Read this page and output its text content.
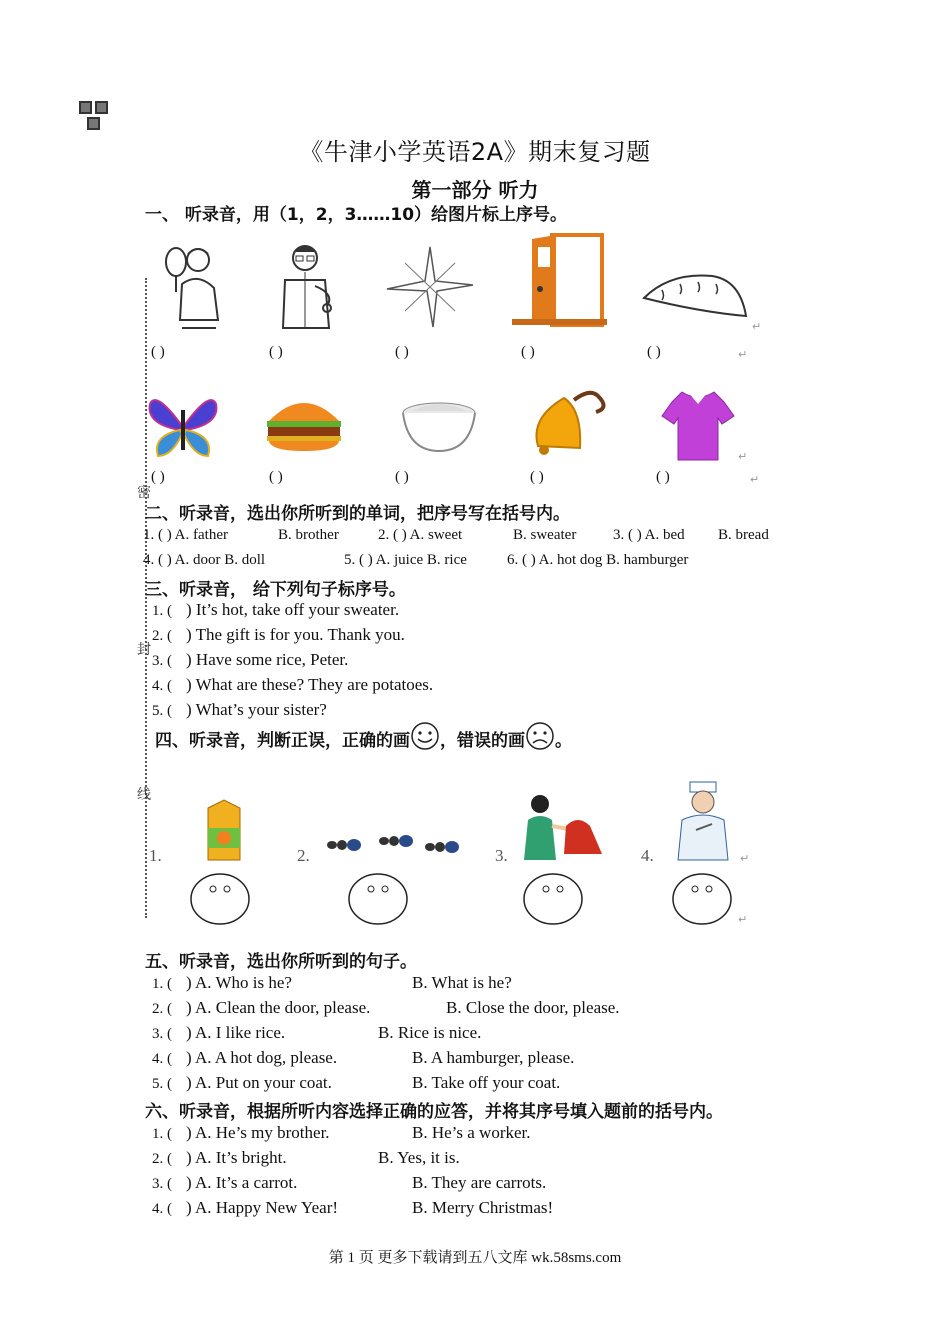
《牛津小学英语2A》期末复习题
第一部分 听力
密
封
线
一、 听录音，用（1，2，3……10）给图片标上序号。
↵
( )	( )	( )	( )	( )	↵
↵
( )	( )	( )	( )	( )	↵
二、听录音，选出你所听到的单词，把序号写在括号内。
1. ( ) A. father	B. brother	2. ( ) A. sweet	B. sweater 3. ( ) A. bed B. bread
4. ( ) A. door B. doll	5. ( ) A. juice B. rice	6. ( ) A. hot dog B. hamburger
三、听录音， 给下列句子标序号。
1. ( ) It’s hot, take off your sweater.
2. ( ) The gift is for you. Thank you.
3. ( ) Have some rice, Peter.
4. ( ) What are these? They are potatoes.
5. ( ) What’s your sister?
四、听录音，判断正误，正确的画 ，错误的画 。
1.	2.	3.	4.	↵
↵
五、听录音，选出你所听到的句子。
1. ( ) A. Who is he?	B. What is he?
2. ( ) A. Clean the door, please.	B. Close the door, please.
3. ( ) A. I like rice.	B. Rice is nice.
4. ( ) A. A hot dog, please.	B. A hamburger, please.
5. ( ) A. Put on your coat.	B. Take off your coat.
六、听录音，根据所听内容选择正确的应答，并将其序号填入题前的括号内。
1. ( ) A. He’s my brother.	B. He’s a worker.
2. ( ) A. It’s bright.	B. Yes, it is.
3. ( ) A. It’s a carrot.	B. They are carrots.
4. ( ) A. Happy New Year!	B. Merry Christmas!
第 1 页 更多下载请到五八文库 wk.58sms.com
